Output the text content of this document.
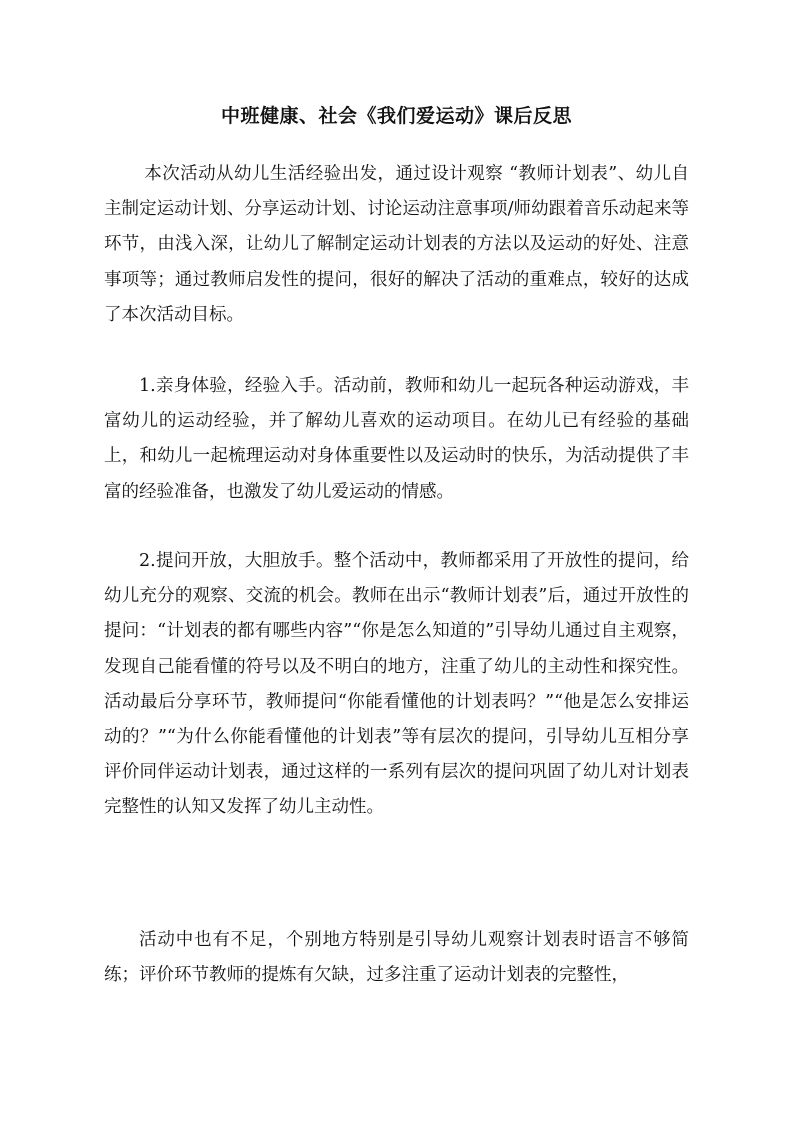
中班健康、社会《我们爱运动》课后反思

本次活动从幼儿生活经验出发，通过设计观察 “教师计划表”、幼儿自主制定运动计划、分享运动计划、讨论运动注意事项/师幼跟着音乐动起来等环节，由浅入深，让幼儿了解制定运动计划表的方法以及运动的好处、注意事项等；通过教师启发性的提问，很好的解决了活动的重难点，较好的达成了本次活动目标。

1.亲身体验，经验入手。活动前，教师和幼儿一起玩各种运动游戏，丰富幼儿的运动经验，并了解幼儿喜欢的运动项目。在幼儿已有经验的基础上，和幼儿一起梳理运动对身体重要性以及运动时的快乐，为活动提供了丰富的经验准备，也激发了幼儿爱运动的情感。

2.提问开放，大胆放手。整个活动中，教师都采用了开放性的提问，给幼儿充分的观察、交流的机会。教师在出示“教师计划表”后，通过开放性的提问：“计划表的都有哪些内容”“你是怎么知道的”引导幼儿通过自主观察，发现自己能看懂的符号以及不明白的地方，注重了幼儿的主动性和探究性。活动最后分享环节，教师提问“你能看懂他的计划表吗？”“他是怎么安排运动的？”“为什么你能看懂他的计划表”等有层次的提问，引导幼儿互相分享评价同伴运动计划表，通过这样的一系列有层次的提问巩固了幼儿对计划表完整性的认知又发挥了幼儿主动性。

活动中也有不足，个别地方特别是引导幼儿观察计划表时语言不够简练；评价环节教师的提炼有欠缺，过多注重了运动计划表的完整性，
